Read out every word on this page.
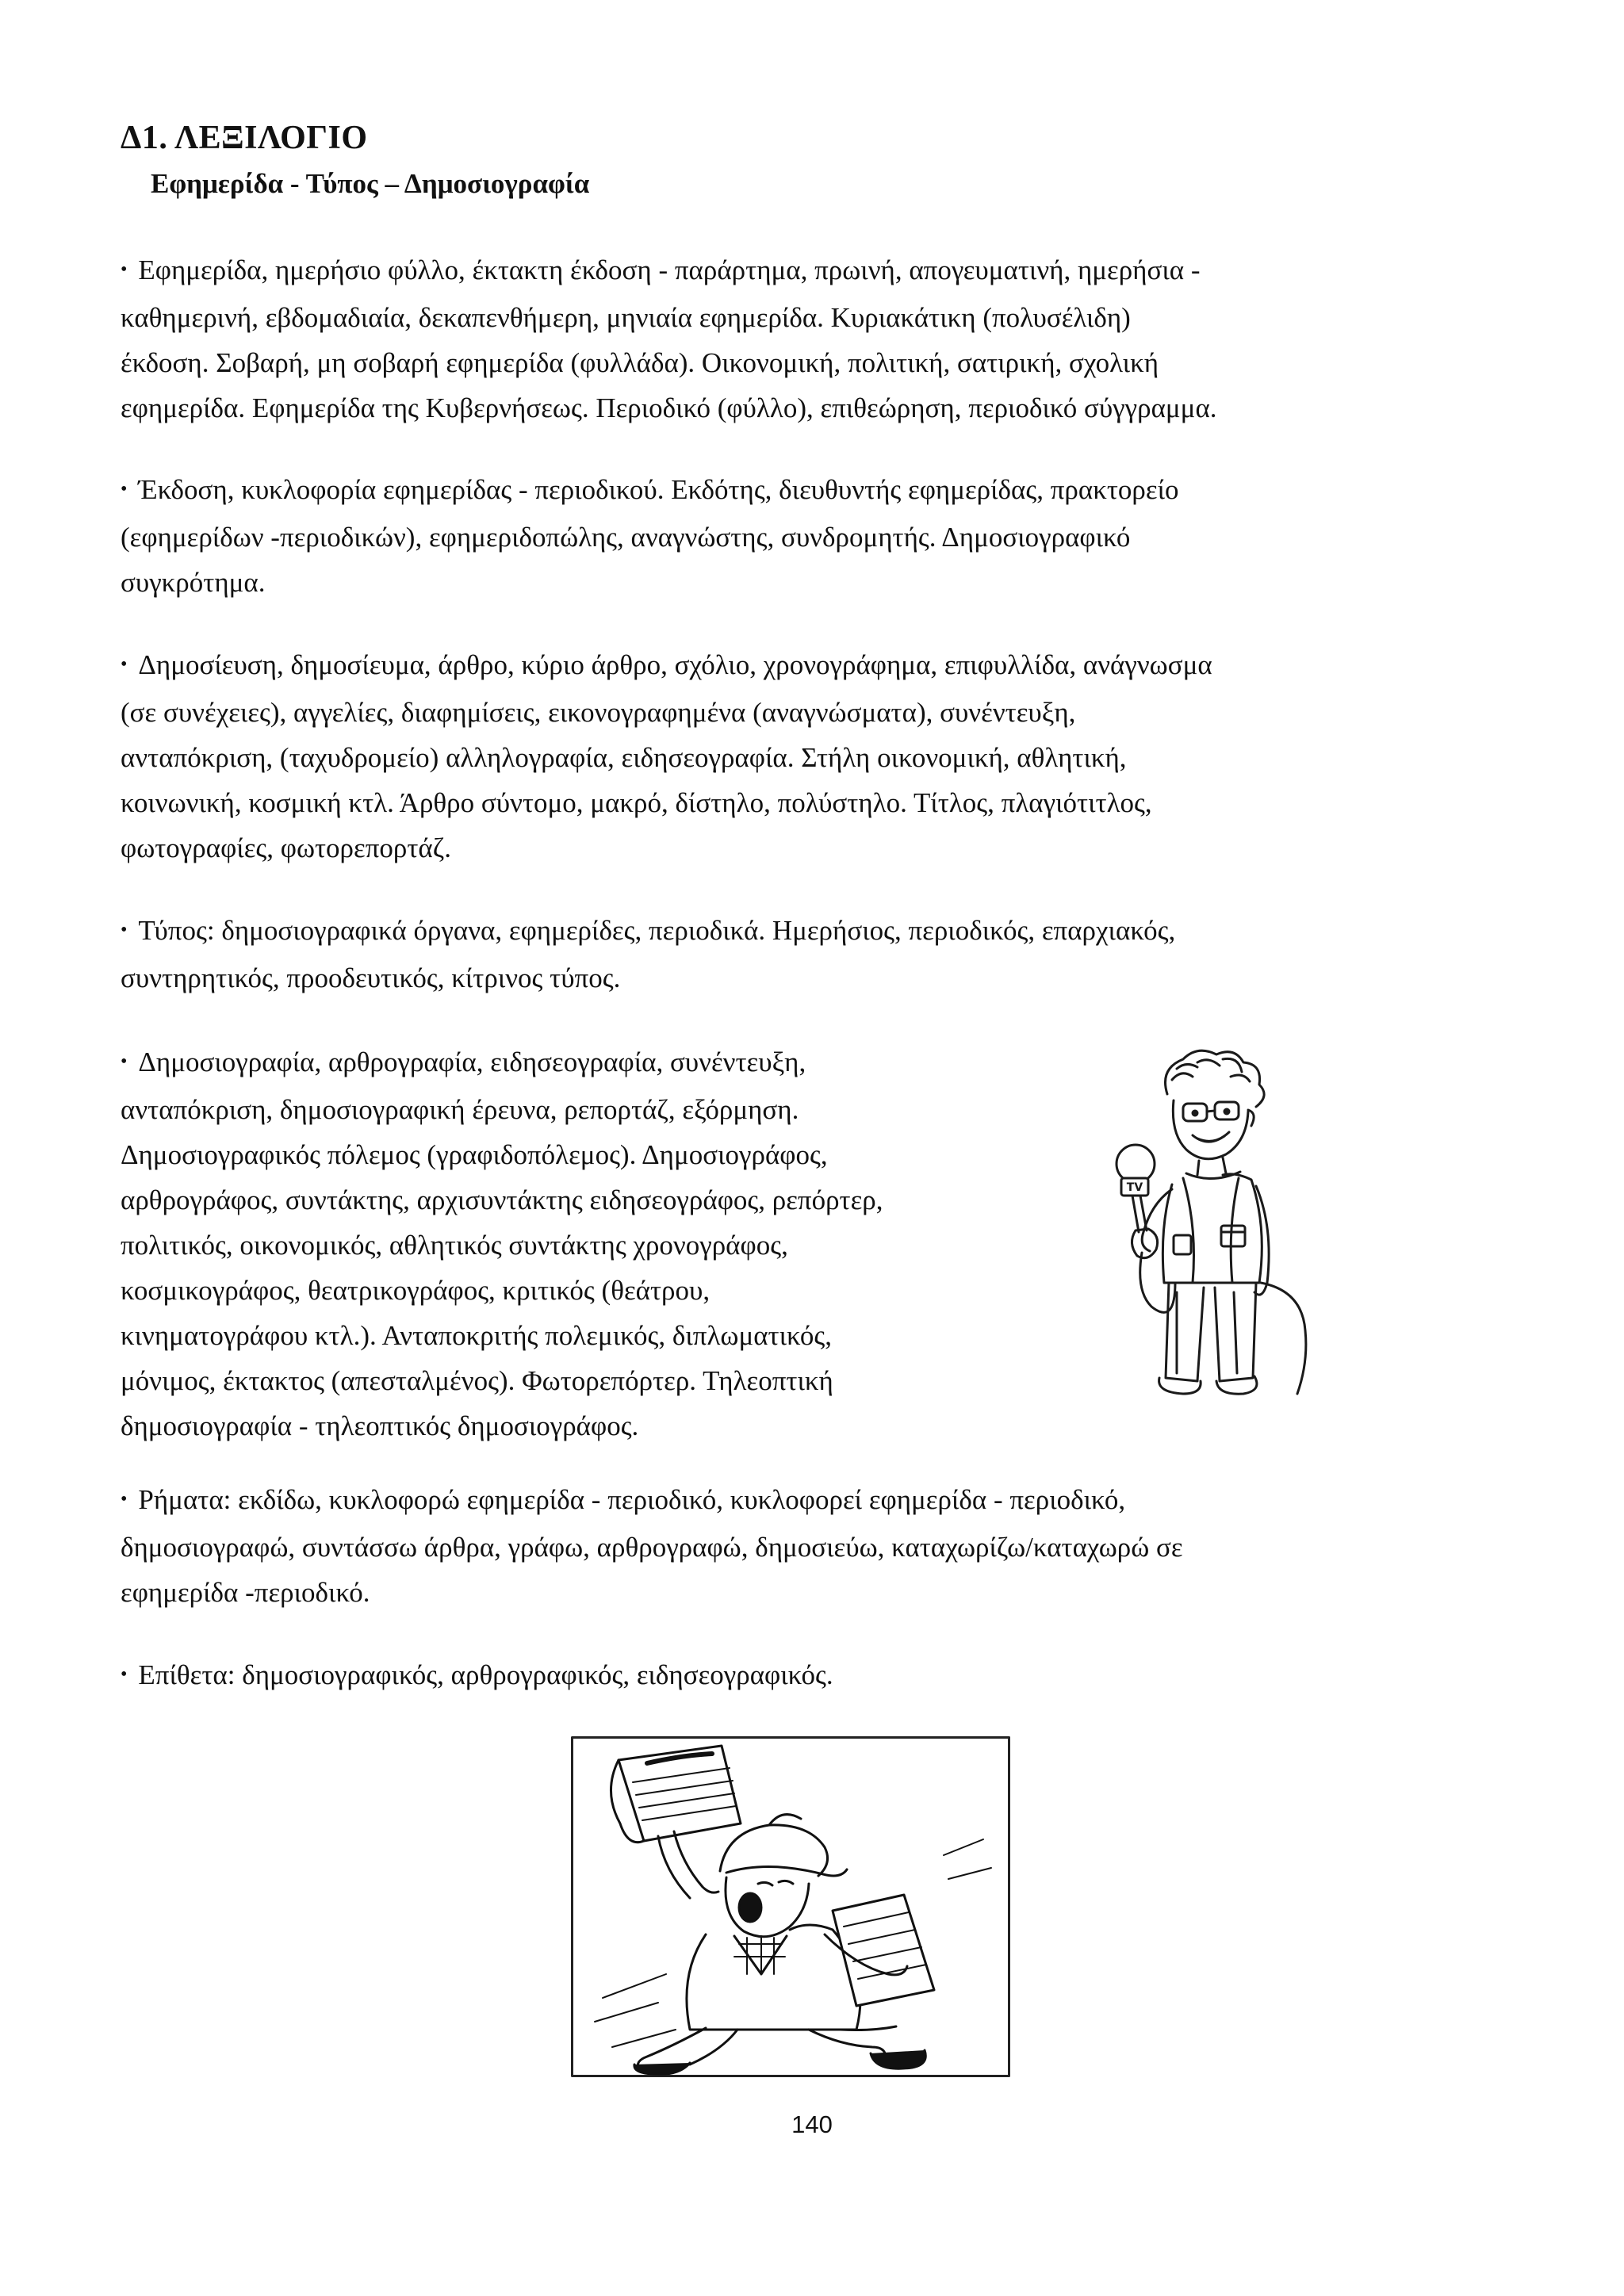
Δ1. ΛΕΞΙΛΟΓΙΟ
Εφημερίδα - Τύπος – Δημοσιογραφία

• Εφημερίδα, ημερήσιο φύλλο, έκτακτη έκδοση - παράρτημα, πρωινή, απογευματινή, ημερήσια -
καθημερινή, εβδομαδιαία, δεκαπενθήμερη, μηνιαία εφημερίδα. Κυριακάτικη (πολυσέλιδη)
έκδοση. Σοβαρή, μη σοβαρή εφημερίδα (φυλλάδα). Οικονομική, πολιτική, σατιρική, σχολική
εφημερίδα. Εφημερίδα της Κυβερνήσεως. Περιοδικό (φύλλο), επιθεώρηση, περιοδικό σύγγραμμα.

• Έκδοση, κυκλοφορία εφημερίδας - περιοδικού. Εκδότης, διευθυντής εφημερίδας, πρακτορείο
(εφημερίδων -περιοδικών), εφημεριδοπώλης, αναγνώστης, συνδρομητής. Δημοσιογραφικό
συγκρότημα.

• Δημοσίευση, δημοσίευμα, άρθρο, κύριο άρθρο, σχόλιο, χρονογράφημα, επιφυλλίδα, ανάγνωσμα
(σε συνέχειες), αγγελίες, διαφημίσεις, εικονογραφημένα (αναγνώσματα), συνέντευξη,
ανταπόκριση, (ταχυδρομείο) αλληλογραφία, ειδησεογραφία. Στήλη οικονομική, αθλητική,
κοινωνική, κοσμική κτλ. Άρθρο σύντομο, μακρό, δίστηλο, πολύστηλο. Τίτλος, πλαγιότιτλος,
φωτογραφίες, φωτορεπορτάζ.

• Τύπος: δημοσιογραφικά όργανα, εφημερίδες, περιοδικά. Ημερήσιος, περιοδικός, επαρχιακός,
συντηρητικός, προοδευτικός, κίτρινος τύπος.

• Δημοσιογραφία, αρθρογραφία, ειδησεογραφία, συνέντευξη,
ανταπόκριση, δημοσιογραφική έρευνα, ρεπορτάζ, εξόρμηση.
Δημοσιογραφικός πόλεμος (γραφιδοπόλεμος). Δημοσιογράφος,
αρθρογράφος, συντάκτης, αρχισυντάκτης ειδησεογράφος, ρεπόρτερ,
πολιτικός, οικονομικός, αθλητικός συντάκτης χρονογράφος,
κοσμικογράφος, θεατρικογράφος, κριτικός (θεάτρου,
κινηματογράφου κτλ.). Ανταποκριτής πολεμικός, διπλωματικός,
μόνιμος, έκτακτος (απεσταλμένος). Φωτορεπόρτερ. Τηλεοπτική
δημοσιογραφία - τηλεοπτικός δημοσιογράφος.

• Ρήματα: εκδίδω, κυκλοφορώ εφημερίδα - περιοδικό, κυκλοφορεί εφημερίδα - περιοδικό,
δημοσιογραφώ, συντάσσω άρθρα, γράφω, αρθρογραφώ, δημοσιεύω, καταχωρίζω/καταχωρώ σε
εφημερίδα -περιοδικό.

• Επίθετα: δημοσιογραφικός, αρθρογραφικός, ειδησεογραφικός.

TV
140
